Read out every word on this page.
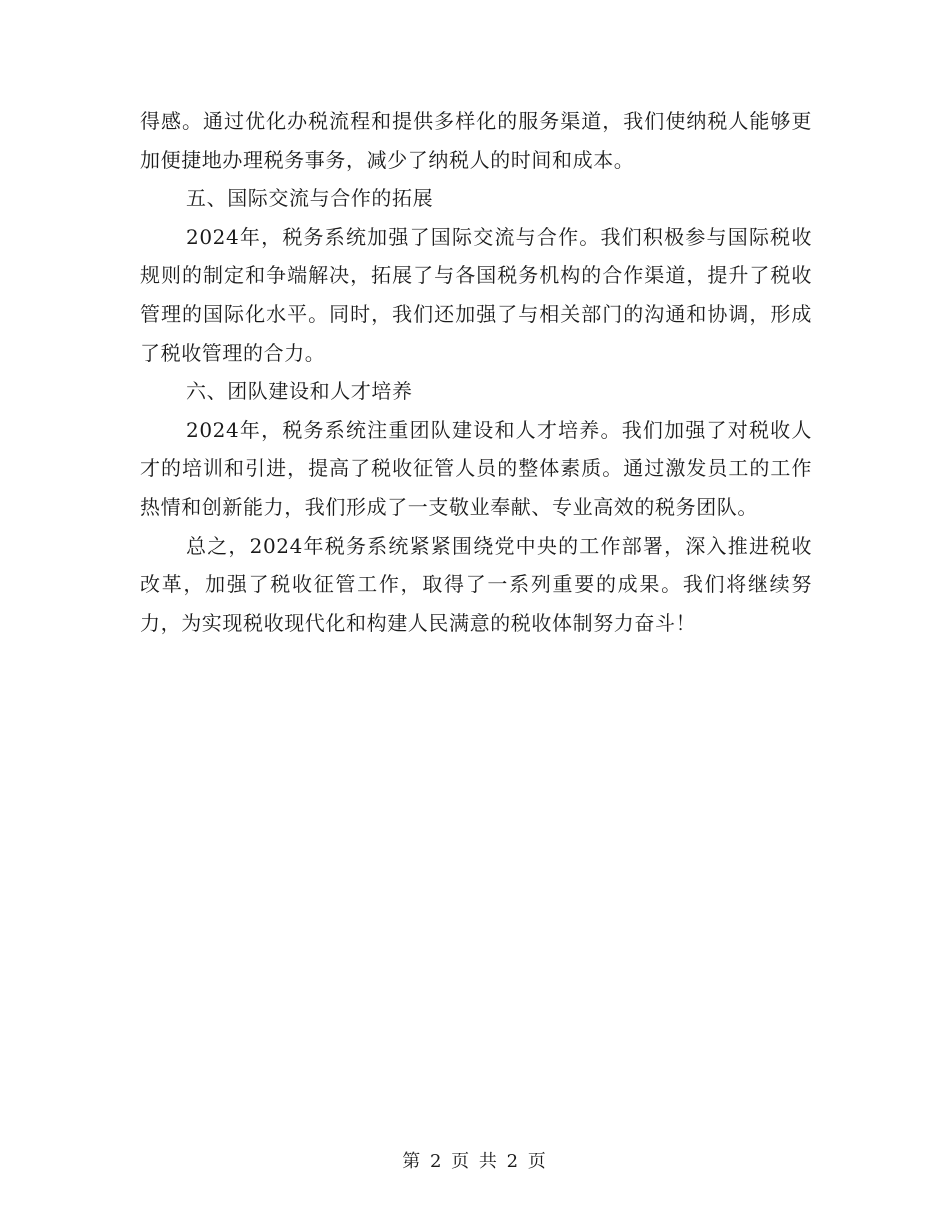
得感。通过优化办税流程和提供多样化的服务渠道，我们使纳税人能够更加便捷地办理税务事务，减少了纳税人的时间和成本。

五、国际交流与合作的拓展

2024年，税务系统加强了国际交流与合作。我们积极参与国际税收规则的制定和争端解决，拓展了与各国税务机构的合作渠道，提升了税收管理的国际化水平。同时，我们还加强了与相关部门的沟通和协调，形成了税收管理的合力。

六、团队建设和人才培养

2024年，税务系统注重团队建设和人才培养。我们加强了对税收人才的培训和引进，提高了税收征管人员的整体素质。通过激发员工的工作热情和创新能力，我们形成了一支敬业奉献、专业高效的税务团队。

总之，2024年税务系统紧紧围绕党中央的工作部署，深入推进税收改革，加强了税收征管工作，取得了一系列重要的成果。我们将继续努力，为实现税收现代化和构建人民满意的税收体制努力奋斗！

第 2 页 共 2 页
